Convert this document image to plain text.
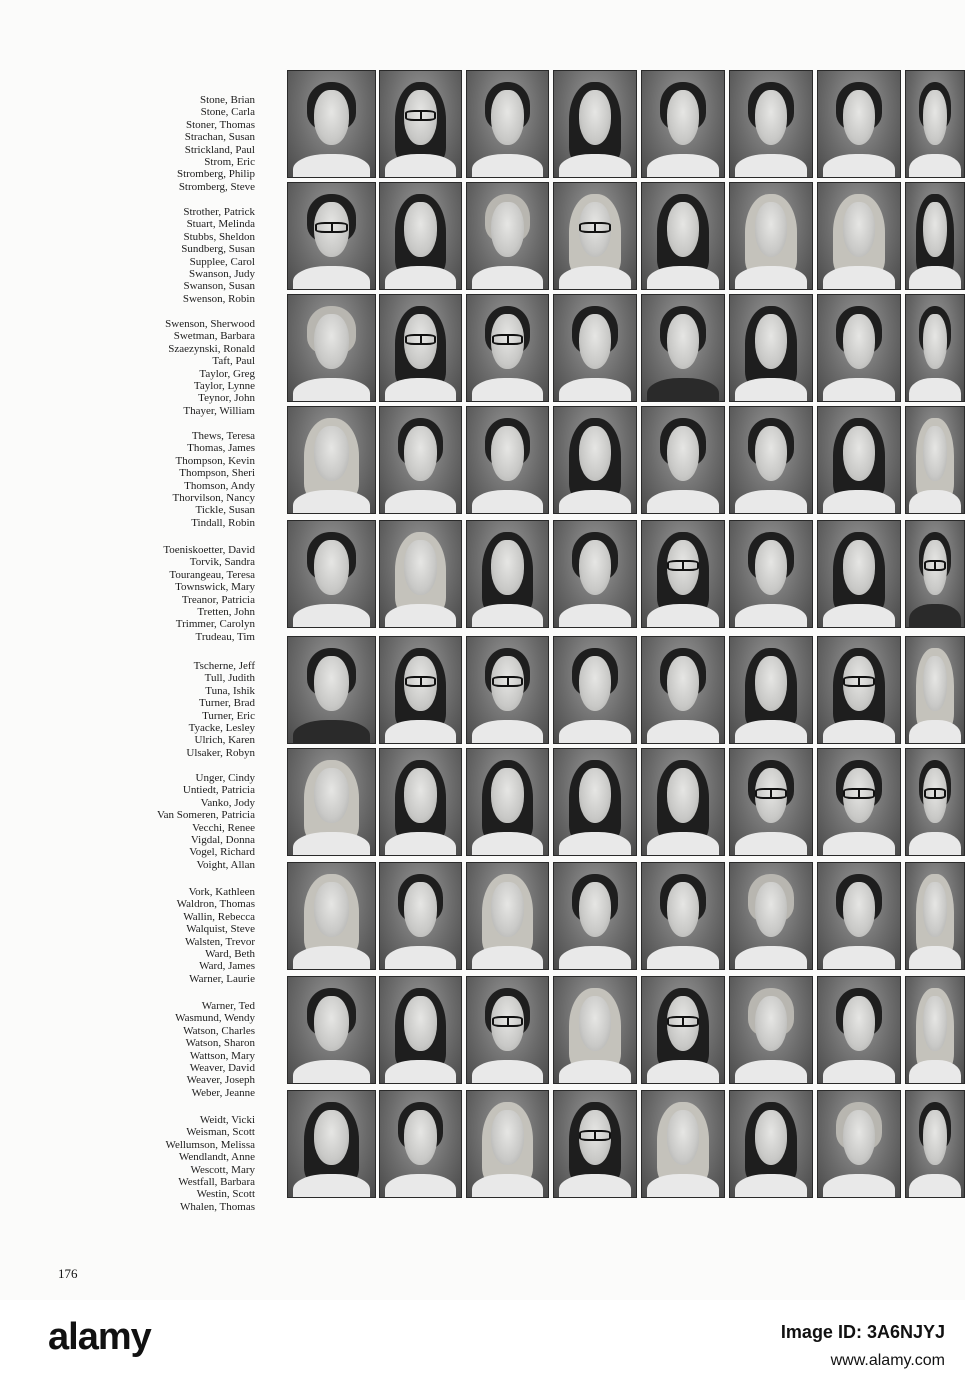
Stone, Brian
Stone, Carla
Stoner, Thomas
Strachan, Susan
Strickland, Paul
Strom, Eric
Stromberg, Philip
Stromberg, Steve
Strother, Patrick
Stuart, Melinda
Stubbs, Sheldon
Sundberg, Susan
Supplee, Carol
Swanson, Judy
Swanson, Susan
Swenson, Robin
Swenson, Sherwood
Swetman, Barbara
Szaezynski, Ronald
Taft, Paul
Taylor, Greg
Taylor, Lynne
Teynor, John
Thayer, William
Thews, Teresa
Thomas, James
Thompson, Kevin
Thompson, Sheri
Thomson, Andy
Thorvilson, Nancy
Tickle, Susan
Tindall, Robin
Toeniskoetter, David
Torvik, Sandra
Tourangeau, Teresa
Townswick, Mary
Treanor, Patricia
Tretten, John
Trimmer, Carolyn
Trudeau, Tim
Tscherne, Jeff
Tull, Judith
Tuna, Ishik
Turner, Brad
Turner, Eric
Tyacke, Lesley
Ulrich, Karen
Ulsaker, Robyn
Unger, Cindy
Untiedt, Patricia
Vanko, Jody
Van Someren, Patricia
Vecchi, Renee
Vigdal, Donna
Vogel, Richard
Voight, Allan
Vork, Kathleen
Waldron, Thomas
Wallin, Rebecca
Walquist, Steve
Walsten, Trevor
Ward, Beth
Ward, James
Warner, Laurie
Warner, Ted
Wasmund, Wendy
Watson, Charles
Watson, Sharon
Wattson, Mary
Weaver, David
Weaver, Joseph
Weber, Jeanne
Weidt, Vicki
Weisman, Scott
Wellumson, Melissa
Wendlandt, Anne
Wescott, Mary
Westfall, Barbara
Westin, Scott
Whalen, Thomas
176
alamy	Image ID: 3A6NJYJ
www.alamy.com
